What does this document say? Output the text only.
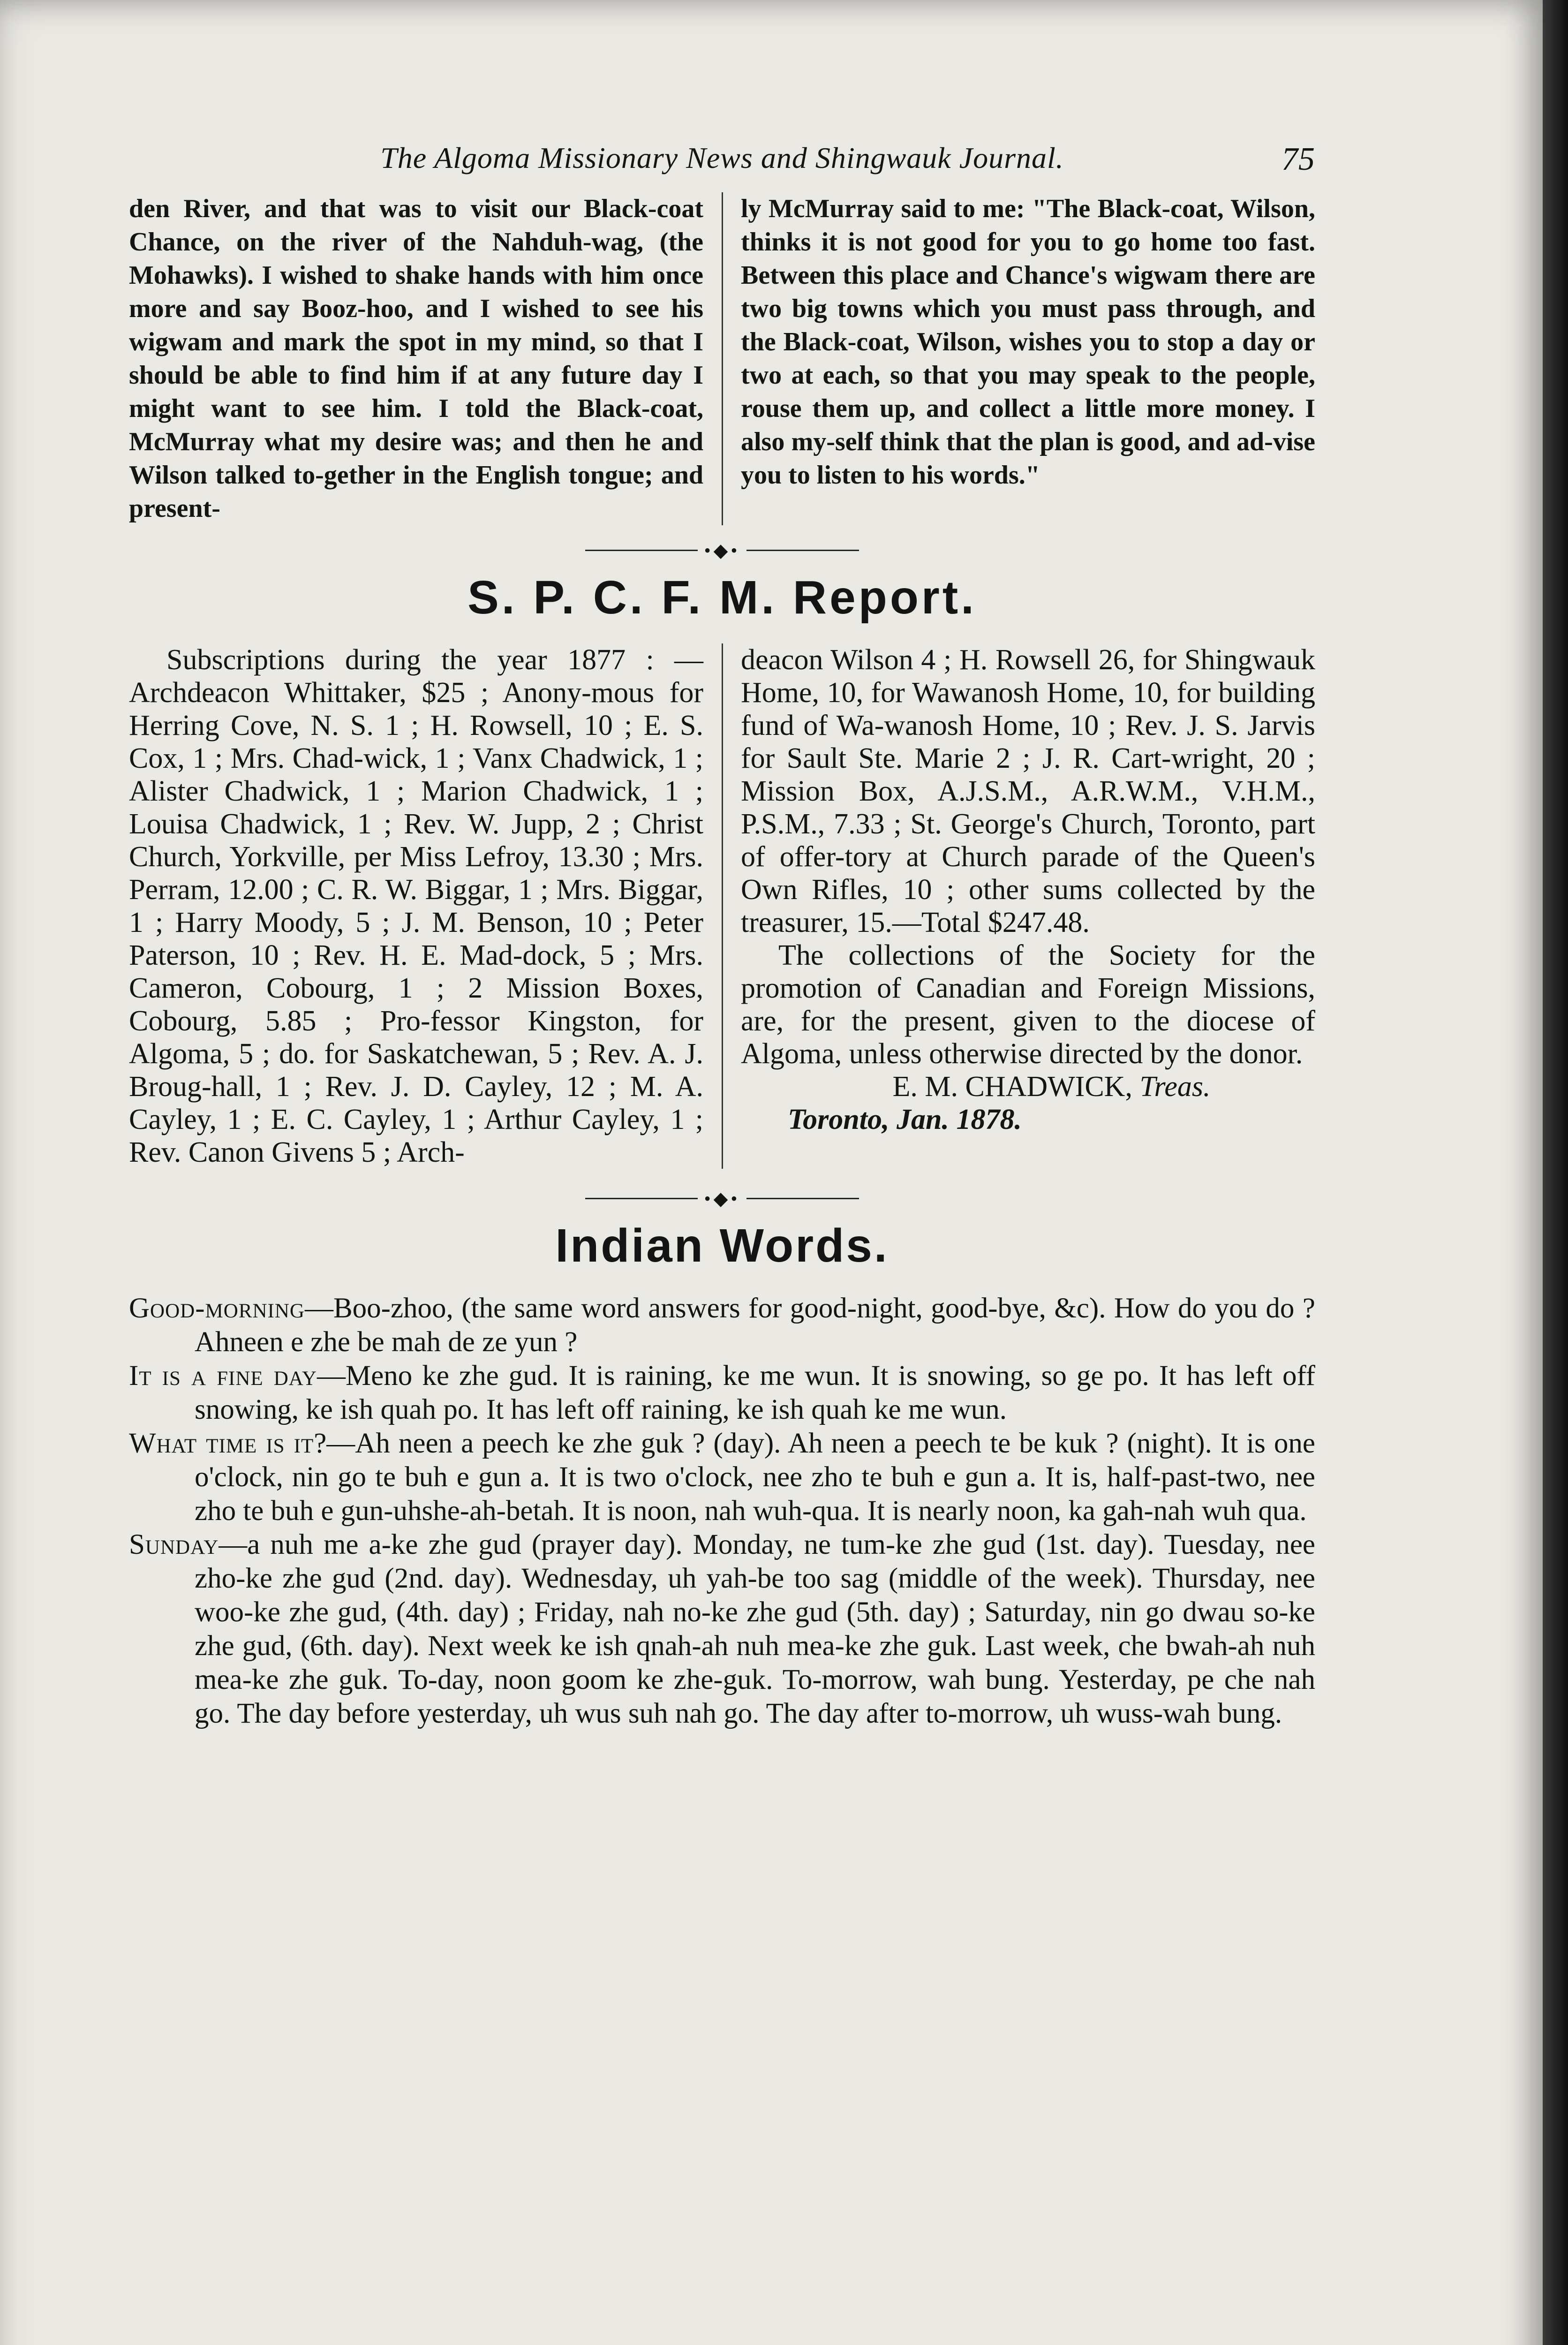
The Algoma Missionary News and Shingwauk Journal.	75

den River, and that was to visit our Black-coat Chance, on the river of the Nahduh-wag, (the Mohawks). I wished to shake hands with him once more and say Booz-hoo, and I wished to see his wigwam and mark the spot in my mind, so that I should be able to find him if at any future day I might want to see him. I told the Black-coat, McMurray what my desire was; and then he and Wilson talked to-gether in the English tongue; and present-

ly McMurray said to me: "The Black-coat, Wilson, thinks it is not good for you to go home too fast. Between this place and Chance's wigwam there are two big towns which you must pass through, and the Black-coat, Wilson, wishes you to stop a day or two at each, so that you may speak to the people, rouse them up, and collect a little more money. I also my-self think that the plan is good, and ad-vise you to listen to his words."

•◆•
S. P. C. F. M. Report.

Subscriptions during the year 1877 : —Archdeacon Whittaker, $25 ; Anony-mous for Herring Cove, N. S. 1 ; H. Rowsell, 10 ; E. S. Cox, 1 ; Mrs. Chad-wick, 1 ; Vanx Chadwick, 1 ; Alister Chadwick, 1 ; Marion Chadwick, 1 ; Louisa Chadwick, 1 ; Rev. W. Jupp, 2 ; Christ Church, Yorkville, per Miss Lefroy, 13.30 ; Mrs. Perram, 12.00 ; C. R. W. Biggar, 1 ; Mrs. Biggar, 1 ; Harry Moody, 5 ; J. M. Benson, 10 ; Peter Paterson, 10 ; Rev. H. E. Mad-dock, 5 ; Mrs. Cameron, Cobourg, 1 ; 2 Mission Boxes, Cobourg, 5.85 ; Pro-fessor Kingston, for Algoma, 5 ; do. for Saskatchewan, 5 ; Rev. A. J. Broug-hall, 1 ; Rev. J. D. Cayley, 12 ; M. A. Cayley, 1 ; E. C. Cayley, 1 ; Arthur Cayley, 1 ; Rev. Canon Givens 5 ; Arch-

deacon Wilson 4 ; H. Rowsell 26, for Shingwauk Home, 10, for Wawanosh Home, 10, for building fund of Wa-wanosh Home, 10 ; Rev. J. S. Jarvis for Sault Ste. Marie 2 ; J. R. Cart-wright, 20 ; Mission Box, A.J.S.M., A.R.W.M., V.H.M., P.S.M., 7.33 ; St. George's Church, Toronto, part of offer-tory at Church parade of the Queen's Own Rifles, 10 ; other sums collected by the treasurer, 15.—Total $247.48.

The collections of the Society for the promotion of Canadian and Foreign Missions, are, for the present, given to the diocese of Algoma, unless otherwise directed by the donor.

E. M. CHADWICK, Treas.
Toronto, Jan. 1878.
•◆•
Indian Words.

Good-morning—Boo-zhoo, (the same word answers for good-night, good-bye, &c). How do you do ? Ahneen e zhe be mah de ze yun ?

It is a fine day—Meno ke zhe gud. It is raining, ke me wun. It is snowing, so ge po. It has left off snowing, ke ish quah po. It has left off raining, ke ish quah ke me wun.

What time is it?—Ah neen a peech ke zhe guk ? (day). Ah neen a peech te be kuk ? (night). It is one o'clock, nin go te buh e gun a. It is two o'clock, nee zho te buh e gun a. It is, half-past-two, nee zho te buh e gun-uhshe-ah-betah. It is noon, nah wuh-qua. It is nearly noon, ka gah-nah wuh qua.

Sunday—a nuh me a-ke zhe gud (prayer day). Monday, ne tum-ke zhe gud (1st. day). Tuesday, nee zho-ke zhe gud (2nd. day). Wednesday, uh yah-be too sag (middle of the week). Thursday, nee woo-ke zhe gud, (4th. day) ; Friday, nah no-ke zhe gud (5th. day) ; Saturday, nin go dwau so-ke zhe gud, (6th. day). Next week ke ish qnah-ah nuh mea-ke zhe guk. Last week, che bwah-ah nuh mea-ke zhe guk. To-day, noon goom ke zhe-guk. To-morrow, wah bung. Yesterday, pe che nah go. The day before yesterday, uh wus suh nah go. The day after to-morrow, uh wuss-wah bung.
